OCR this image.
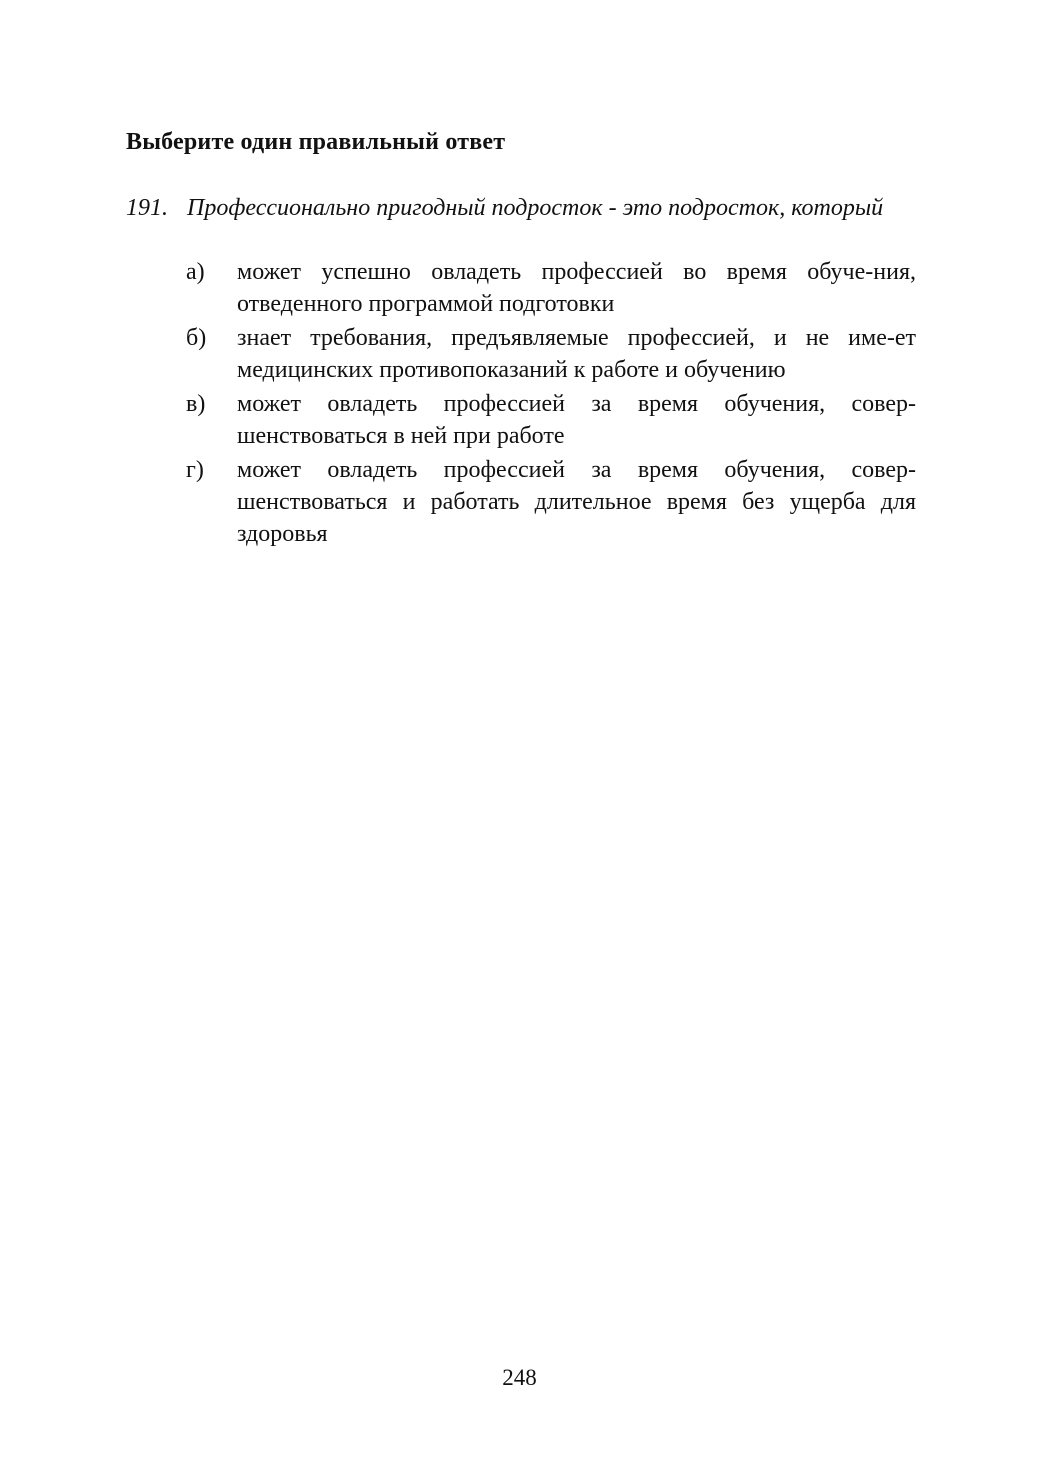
Выберите один правильный ответ
191. Профессионально пригодный подросток - это подросток, который
а) может успешно овладеть профессией во время обуче-ния, отведенного программой подготовки
б) знает требования, предъявляемые профессией, и не име-ет медицинских противопоказаний к работе и обучению
в) может овладеть профессией за время обучения, совер-шенствоваться в ней при работе
г) может овладеть профессией за время обучения, совер-шенствоваться и работать длительное время без ущерба для здоровья
248
